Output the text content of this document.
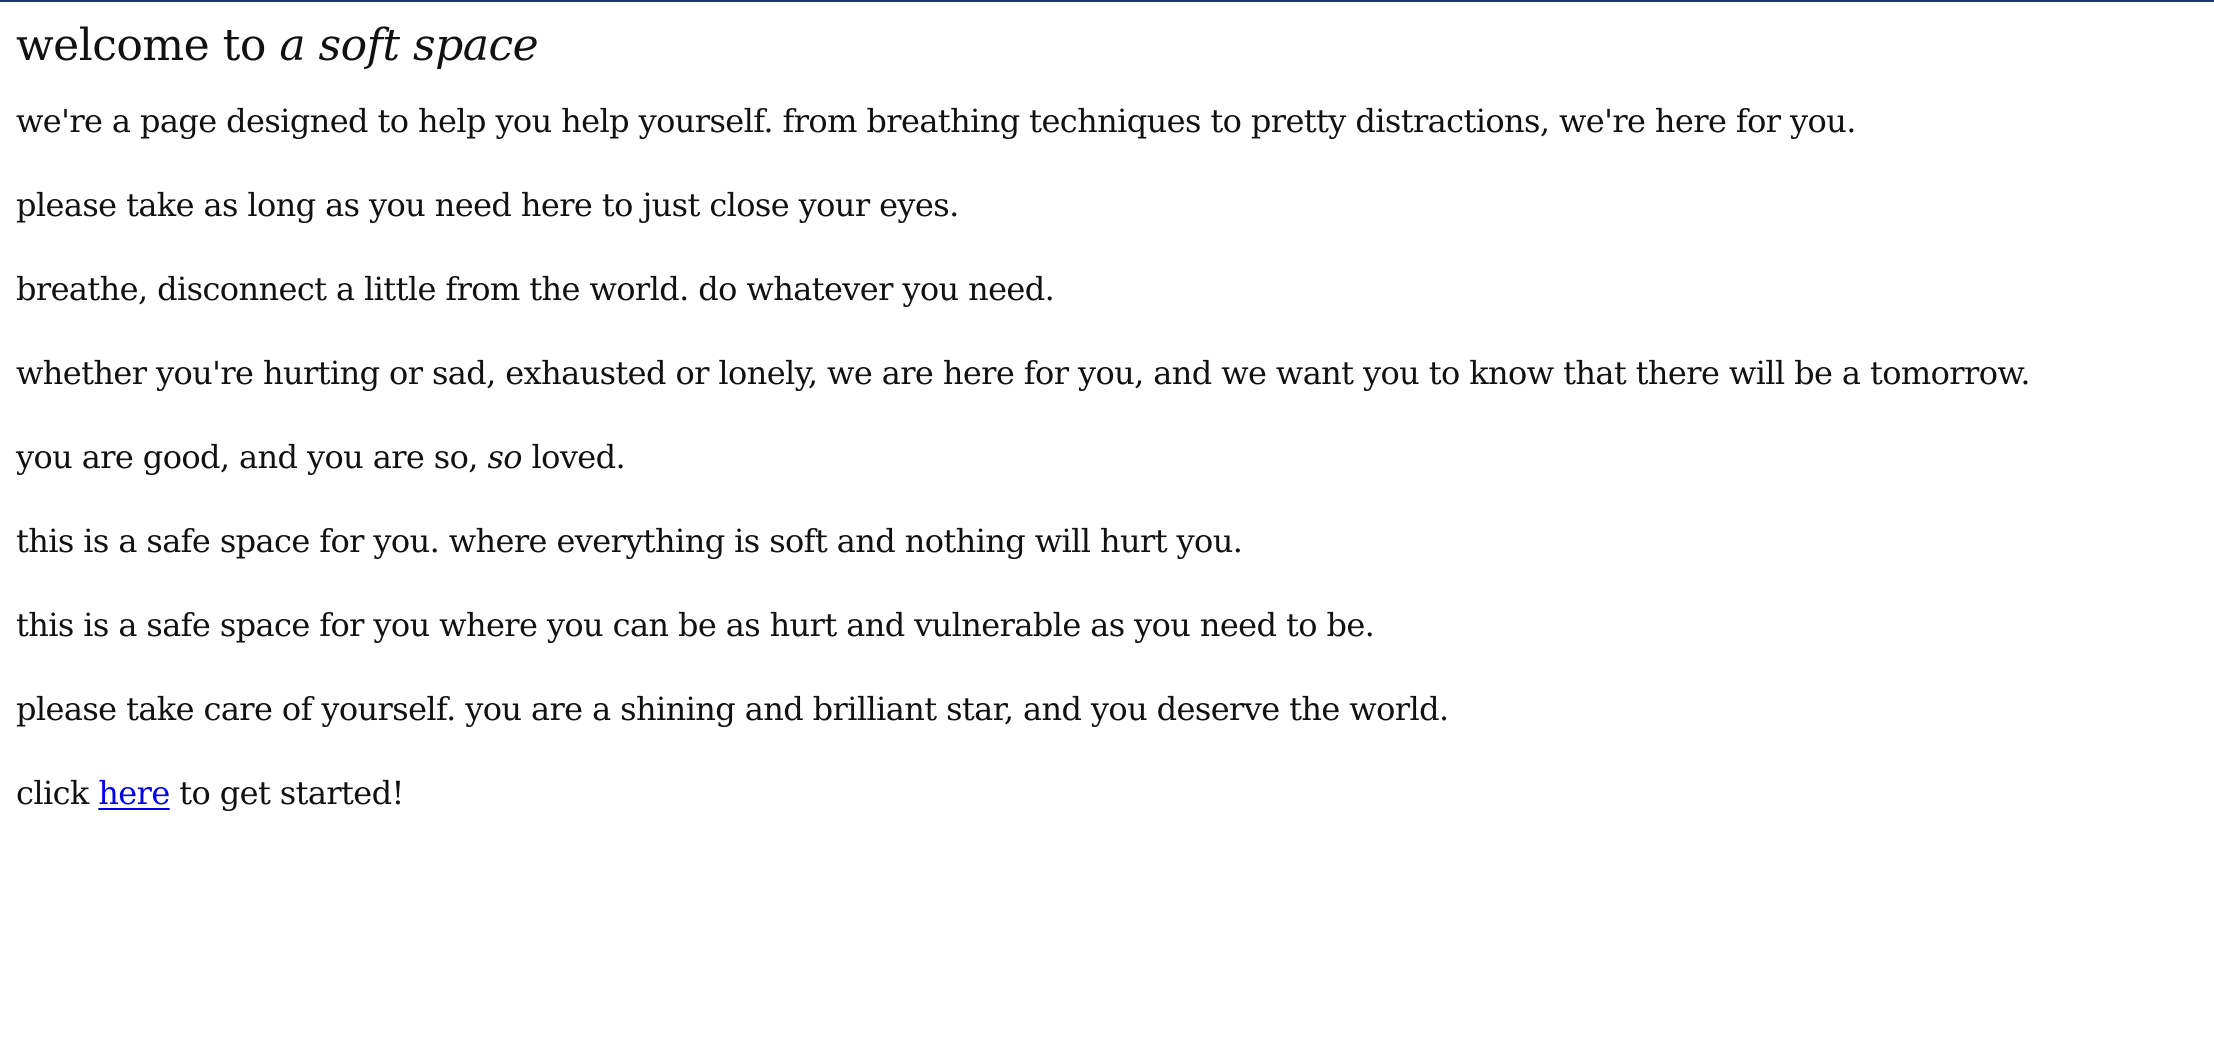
welcome to a soft space

we're a page designed to help you help yourself. from breathing techniques to pretty distractions, we're here for you.

please take as long as you need here to just close your eyes.

breathe, disconnect a little from the world. do whatever you need.

whether you're hurting or sad, exhausted or lonely, we are here for you, and we want you to know that there will be a tomorrow.

you are good, and you are so, so loved.

this is a safe space for you. where everything is soft and nothing will hurt you.

this is a safe space for you where you can be as hurt and vulnerable as you need to be.

please take care of yourself. you are a shining and brilliant star, and you deserve the world.

click here to get started!
